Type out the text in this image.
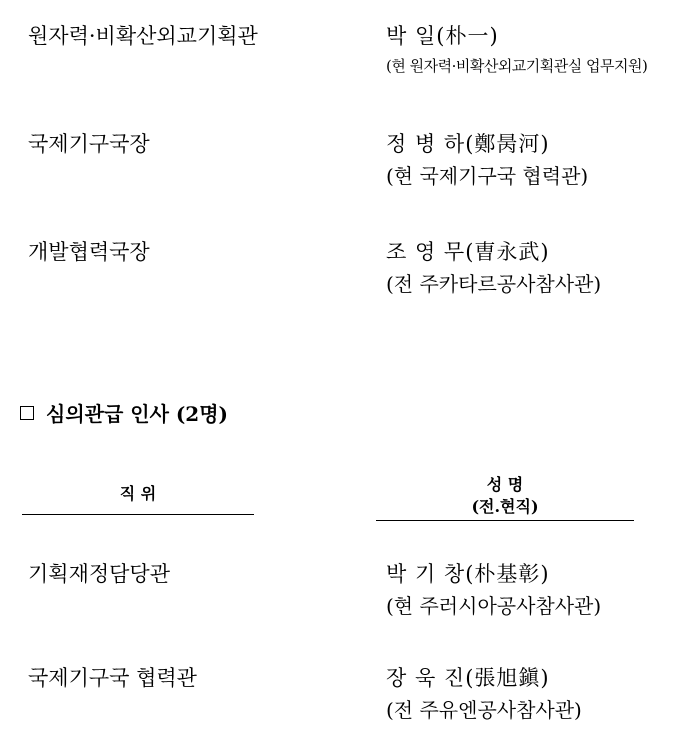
원자력·비확산외교기획관	박 일(朴一)
(현 원자력·비확산외교기획관실 업무지원)
국제기구국장	정 병 하(鄭昺河)
(현 국제기구국 협력관)
개발협력국장	조 영 무(曺永武)
(전 주카타르공사참사관)
심의관급 인사 (2명)
직 위	성 명
(전.현직)
기획재정담당관	박 기 창(朴基彰)
(현 주러시아공사참사관)
국제기구국 협력관	장 욱 진(張旭鎭)
(전 주유엔공사참사관)
